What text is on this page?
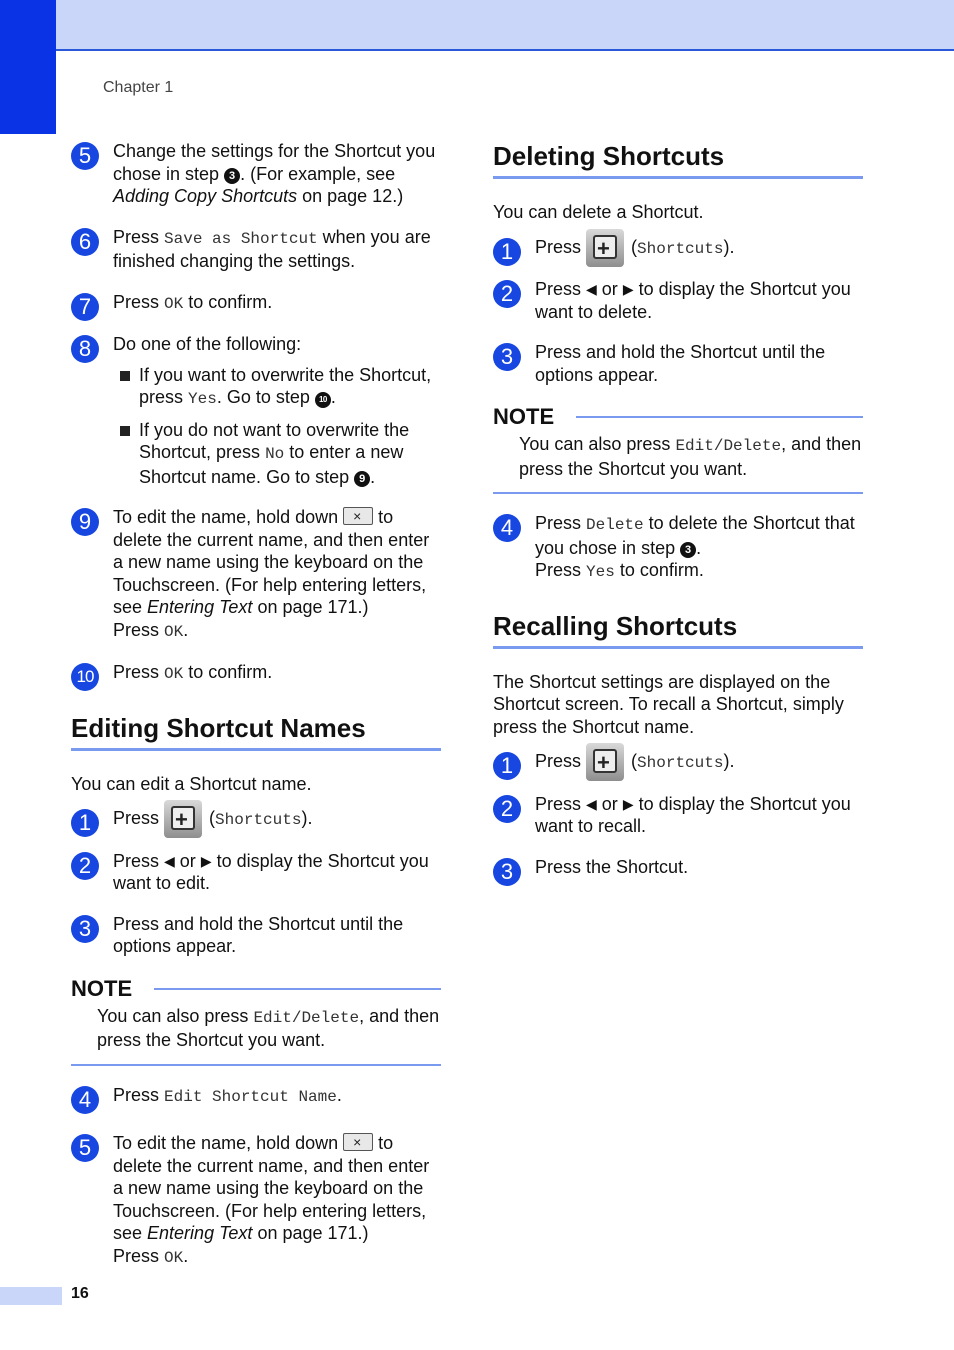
Chapter 1
5	Change the settings for the Shortcut you chose in step 3 . (For example, see Adding Copy Shortcuts on page 12.)
6	Press Save as Shortcut when you are finished changing the settings.
7	Press OK to confirm.
8	Do one of the following:
If you want to overwrite the Shortcut, press Yes. Go to step 10 .
If you do not want to overwrite the Shortcut, press No to enter a new Shortcut name. Go to step 9 .
9	To edit the name, hold down × to delete the current name, and then enter a new name using the keyboard on the Touchscreen. (For help entering letters, see Entering Text on page 171.)
Press OK.
10	Press OK to confirm.
Editing Shortcut Names

You can edit a Shortcut name.

1	Press +	(Shortcuts).
2	Press ◀ or ▶ to display the Shortcut you want to edit.
3	Press and hold the Shortcut until the options appear.
NOTE
You can also press Edit/Delete, and then press the Shortcut you want.
4	Press Edit Shortcut Name.
5	To edit the name, hold down × to delete the current name, and then enter a new name using the keyboard on the Touchscreen. (For help entering letters, see Entering Text on page 171.)
Press OK.
Deleting Shortcuts

You can delete a Shortcut.

1	Press +	(Shortcuts).
2	Press ◀ or ▶ to display the Shortcut you want to delete.
3	Press and hold the Shortcut until the options appear.
NOTE
You can also press Edit/Delete, and then press the Shortcut you want.
4	Press Delete to delete the Shortcut that you chose in step 3 .
Press Yes to confirm.
Recalling Shortcuts

The Shortcut settings are displayed on the Shortcut screen. To recall a Shortcut, simply press the Shortcut name.

1	Press +	(Shortcuts).
2	Press ◀ or ▶ to display the Shortcut you want to recall.
3	Press the Shortcut.
16
